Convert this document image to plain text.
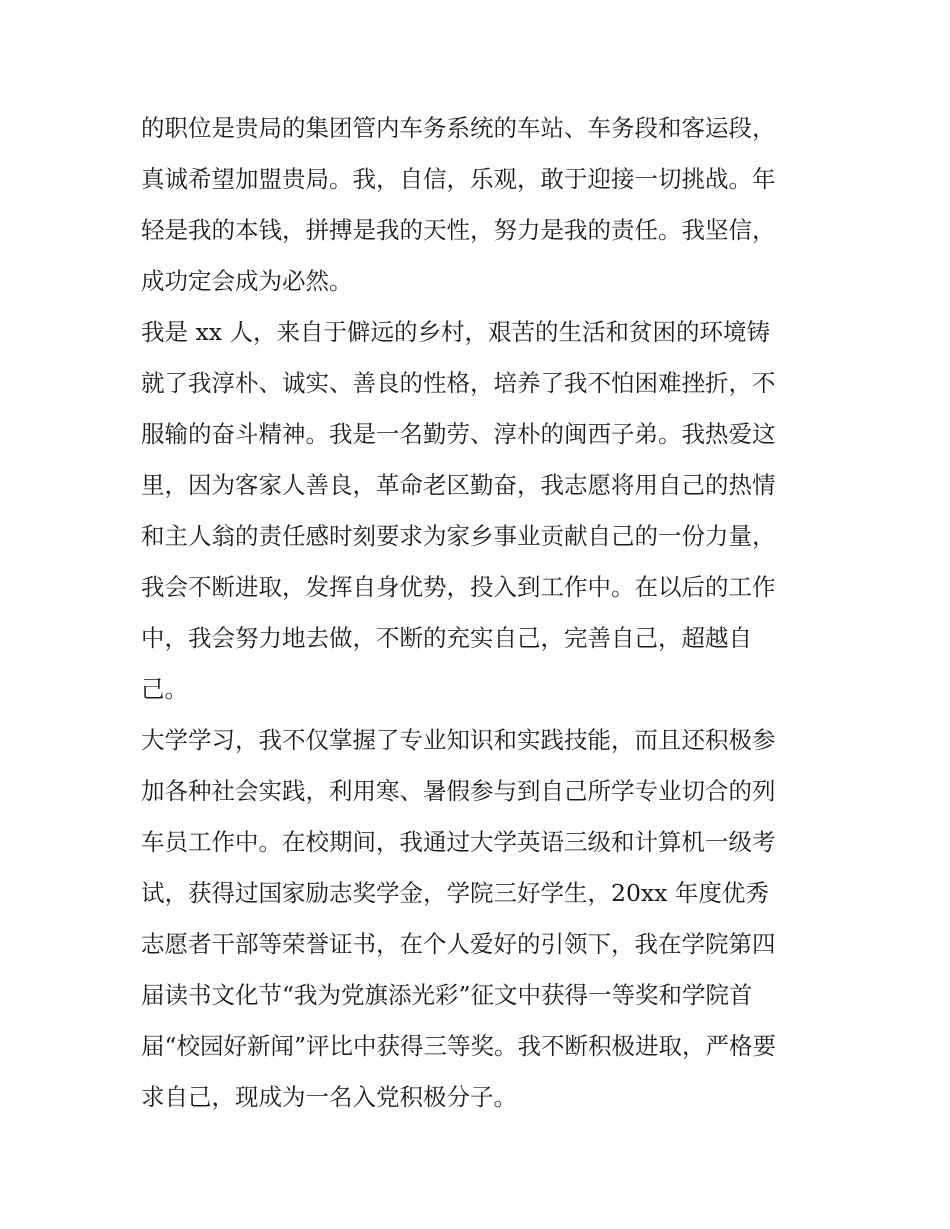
的职位是贵局的集团管内车务系统的车站、车务段和客运段，
真诚希望加盟贵局。我，自信，乐观，敢于迎接一切挑战。年
轻是我的本钱，拼搏是我的天性，努力是我的责任。我坚信，
成功定会成为必然。
我是 xx 人，来自于僻远的乡村，艰苦的生活和贫困的环境铸
就了我淳朴、诚实、善良的性格，培养了我不怕困难挫折，不
服输的奋斗精神。我是一名勤劳、淳朴的闽西子弟。我热爱这
里，因为客家人善良，革命老区勤奋，我志愿将用自己的热情
和主人翁的责任感时刻要求为家乡事业贡献自己的一份力量，
我会不断进取，发挥自身优势，投入到工作中。在以后的工作
中，我会努力地去做，不断的充实自己，完善自己，超越自
己。
大学学习，我不仅掌握了专业知识和实践技能，而且还积极参
加各种社会实践，利用寒、暑假参与到自己所学专业切合的列
车员工作中。在校期间，我通过大学英语三级和计算机一级考
试，获得过国家励志奖学金，学院三好学生，20xx 年度优秀
志愿者干部等荣誉证书，在个人爱好的引领下，我在学院第四
届读书文化节“我为党旗添光彩”征文中获得一等奖和学院首
届“校园好新闻”评比中获得三等奖。我不断积极进取，严格要
求自己，现成为一名入党积极分子。
